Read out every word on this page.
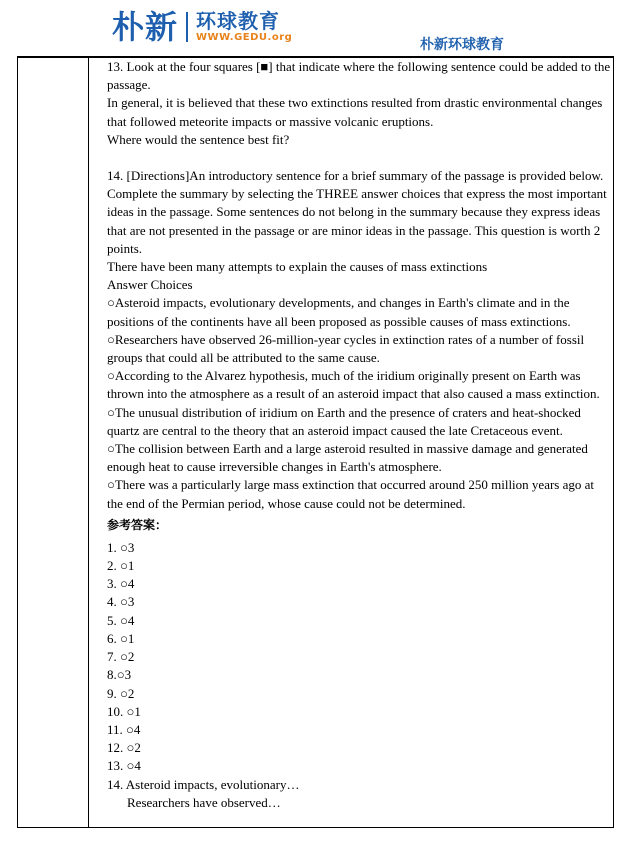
朴新 环球教育
WWW.GEDU.org	朴新环球教育

13. Look at the four squares [■] that indicate where the following sentence could be added to the passage.

In general, it is believed that these two extinctions resulted from drastic environmental changes that followed meteorite impacts or massive volcanic eruptions.

Where would the sentence best fit?

14. [Directions]An introductory sentence for a brief summary of the passage is provided below. Complete the summary by selecting the THREE answer choices that express the most important ideas in the passage. Some sentences do not belong in the summary because they express ideas that are not presented in the passage or are minor ideas in the passage. This question is worth 2 points.

There have been many attempts to explain the causes of mass extinctions

Answer Choices

○Asteroid impacts, evolutionary developments, and changes in Earth's climate and in the positions of the continents have all been proposed as possible causes of mass extinctions.

○Researchers have observed 26-million-year cycles in extinction rates of a number of fossil groups that could all be attributed to the same cause.

○According to the Alvarez hypothesis, much of the iridium originally present on Earth was thrown into the atmosphere as a result of an asteroid impact that also caused a mass extinction.

○The unusual distribution of iridium on Earth and the presence of craters and heat-shocked quartz are central to the theory that an asteroid impact caused the late Cretaceous event.

○The collision between Earth and a large asteroid resulted in massive damage and generated enough heat to cause irreversible changes in Earth's atmosphere.

○There was a particularly large mass extinction that occurred around 250 million years ago at the end of the Permian period, whose cause could not be determined.

参考答案：
1. ○3
2. ○1
3. ○4
4. ○3
5. ○4
6. ○1
7. ○2
8.○3
9. ○2
10. ○1
11. ○4
12. ○2
13. ○4
14. Asteroid impacts, evolutionary…
Researchers have observed…
